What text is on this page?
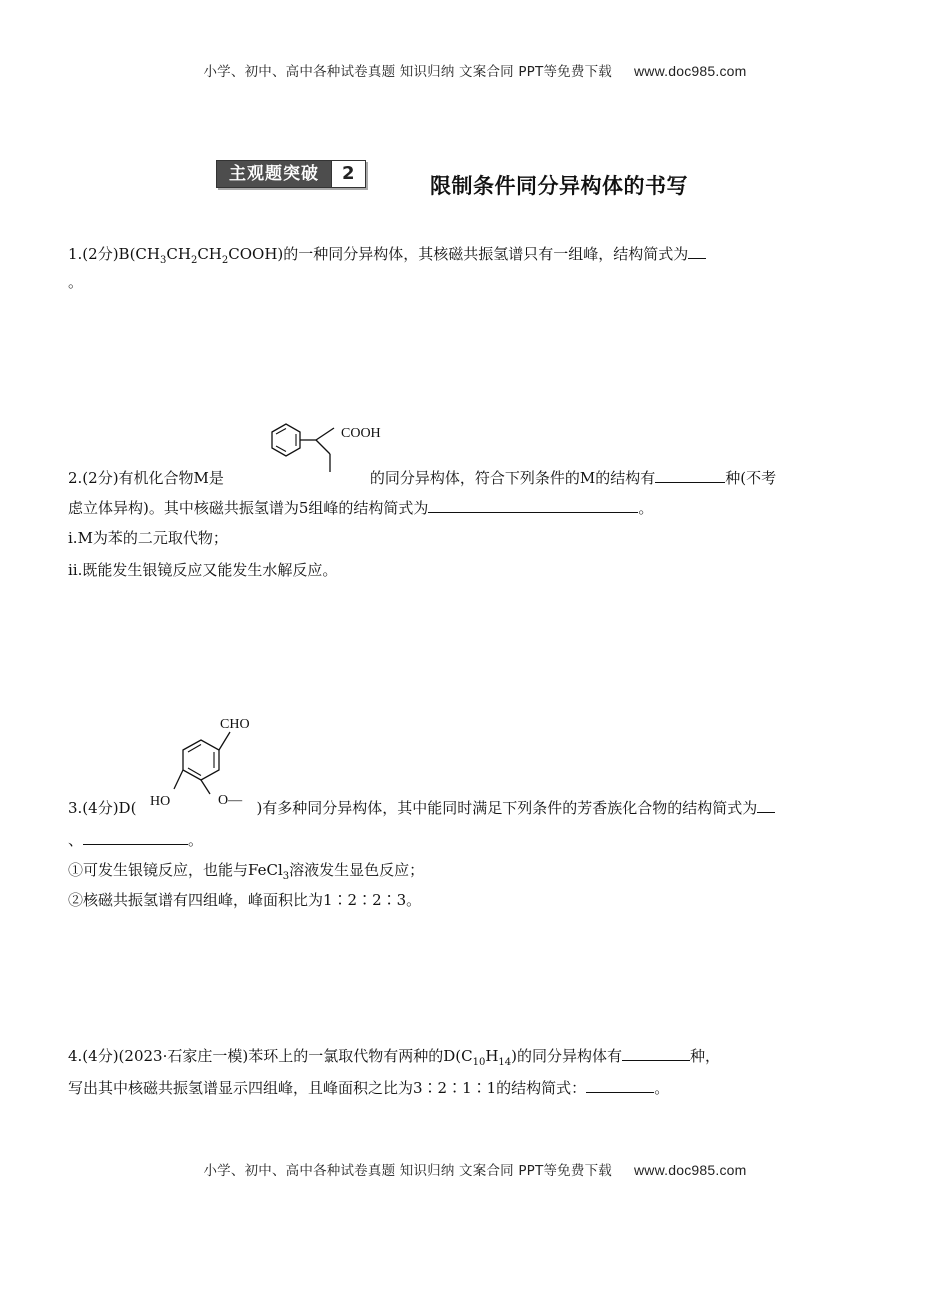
小学、初中、高中各种试卷真题 知识归纳 文案合同 PPT等免费下载 www.doc985.com
主观题突破	2
限制条件同分异构体的书写
1.(2分)$B(CH_3CH_2CH_2COOH)$的一种同分异构体，其核磁共振氢谱只有一组峰，结构简式为
。
COOH
2.(2分)有机化合物M是	的同分异构体，符合下列条件的M的结构有	种(不考
虑立体异构)。其中核磁共振氢谱为5组峰的结构简式为	。
ⅰ.M为苯的二元取代物；
ⅱ.既能发生银镜反应又能发生水解反应。
CHO
HO	O—
3.(4分)D(	)有多种同分异构体，其中能同时满足下列条件的芳香族化合物的结构简式为
、	。
①可发生银镜反应，也能与FeCl$_3$溶液发生显色反应；
②核磁共振氢谱有四组峰，峰面积比为1∶2∶2∶3。
4.(4分)(2023·石家庄一模)苯环上的一氯取代物有两种的$D(C_{10}H_{14})$的同分异构体有	种，
写出其中核磁共振氢谱显示四组峰，且峰面积之比为3∶2∶1∶1的结构简式：	。
小学、初中、高中各种试卷真题 知识归纳 文案合同 PPT等免费下载 www.doc985.com
